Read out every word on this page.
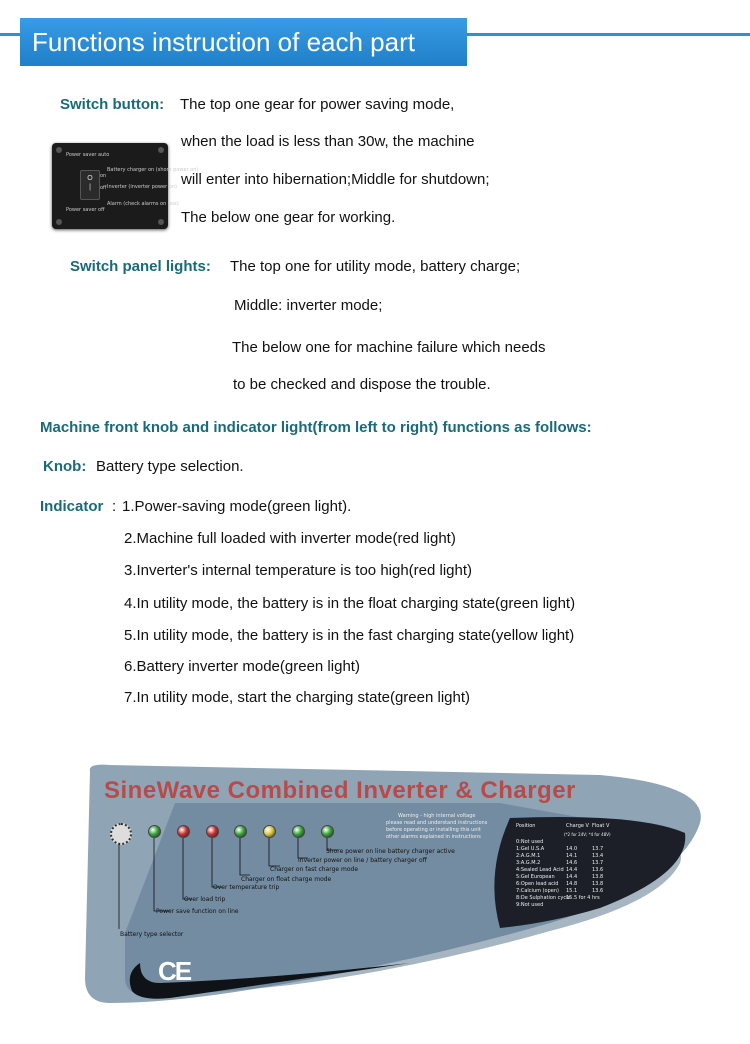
Functions instruction of each part
Switch button: The top one gear for power saving mode,
when the load is less than 30w, the machine
will enter into hibernation;Middle for shutdown;
The below one gear for working.
Power saver auto
O
|
on
off
Power saver off
Battery charger on (shore power on)
Inverter (inverter power on)
Alarm (check alarms on box)
Switch panel lights: The top one for utility mode, battery charge;
Middle: inverter mode;
The below one for machine failure which needs
to be checked and dispose the trouble.
Machine front knob and indicator light(from left to right) functions as follows:
Knob: Battery type selection.
Indicator : 1.Power-saving mode(green light).
2.Machine full loaded with inverter mode(red light)
3.Inverter's internal temperature is too high(red light)
4.In utility mode, the battery is in the float charging state(green light)
5.In utility mode, the battery is in the fast charging state(yellow light)
6.Battery inverter mode(green light)
7.In utility mode, start the charging state(green light)
SineWave Combined Inverter & Charger
Battery type selector
Power save function on line
Over load trip
Over temperature trip
Charger on float charge mode
Charger on fast charge mode
Inverter power on line / battery charger off
Shore power on line battery charger active
Warning - high internal voltage
please read and understand instructions
before operating or installing this unit
other alarms explained in instructions
Position	Charge V Float V
(*2 for 24V; *4 for 48V)
0:Not used
1:Gel U.S.A	14.0	13.7
2:A.G.M.1	14.1	13.4
3:A.G.M.2	14.6	13.7
4:Sealed Lead Acid 14.4	13.6
5:Gel European 14.4	13.8
6:Open lead acid 14.8	13.8
7:Calcium (open) 15.1	13.6
8:De Sulphation cycle
15.5 for 4 hrs
9:Not used
CE
